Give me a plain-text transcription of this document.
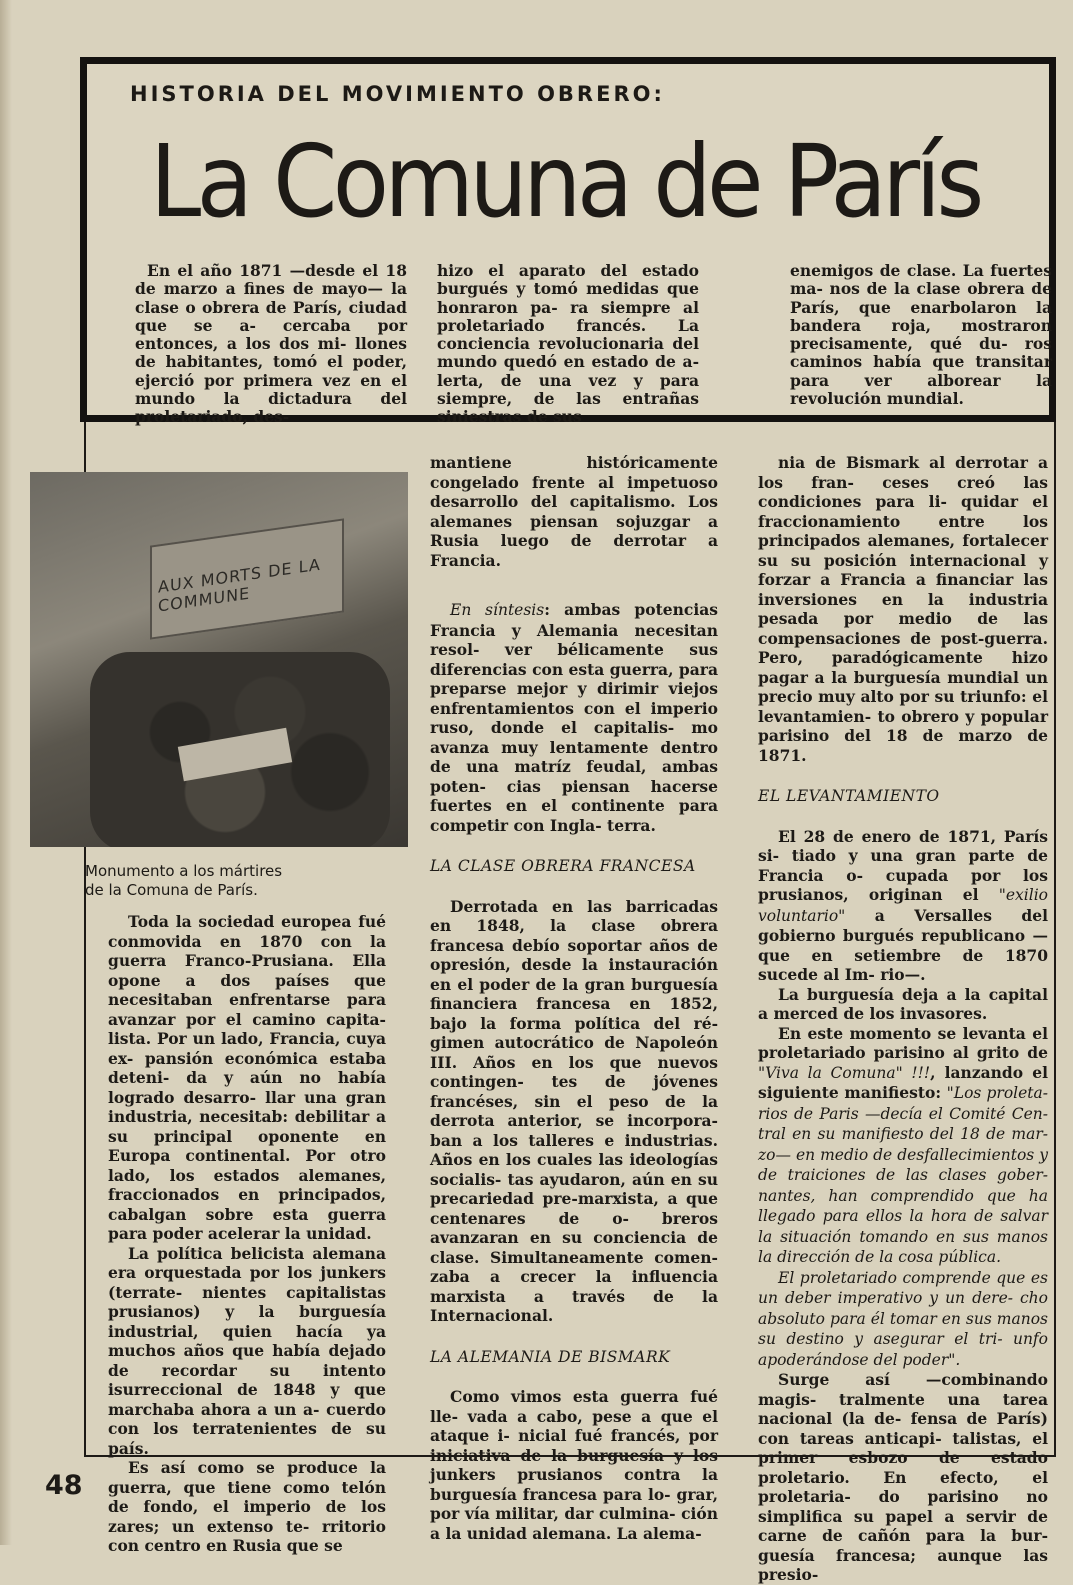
HISTORIA DEL MOVIMIENTO OBRERO:
La Comuna de París

En el año 1871 —desde el 18 de marzo a fines de mayo— la clase o obrera de París, ciudad que se a- cercaba por entonces, a los dos mi- llones de habitantes, tomó el poder, ejerció por primera vez en el mundo la dictadura del proletariado, des-

hizo el aparato del estado burgués y tomó medidas que honraron pa- ra siempre al proletariado francés. La conciencia revolucionaria del mundo quedó en estado de a- lerta, de una vez y para siempre, de las entrañas siniestras de sus

enemigos de clase. La fuertes ma- nos de la clase obrera de París, que enarbolaron la bandera roja, mostraron precisamente, qué du- ros caminos había que transitar para ver alborear la revolución mundial.

AUX MORTS DE LA COMMUNE
Monumento a los mártires
de la Comuna de París.

Toda la sociedad europea fué conmovida en 1870 con la guerra Franco-Prusiana. Ella opone a dos países que necesitaban enfrentarse para avanzar por el camino capita- lista. Por un lado, Francia, cuya ex- pansión económica estaba deteni- da y aún no había logrado desarro- llar una gran industria, necesitab: debilitar a su principal oponente en Europa continental. Por otro lado, los estados alemanes, fraccionados en principados, cabalgan sobre esta guerra para poder acelerar la unidad.

La política belicista alemana era orquestada por los junkers (terrate- nientes capitalistas prusianos) y la burguesía industrial, quien hacía ya muchos años que había dejado de recordar su intento isurreccional de 1848 y que marchaba ahora a un a- cuerdo con los terratenientes de su país.

Es así como se produce la guerra, que tiene como telón de fondo, el imperio de los zares; un extenso te- rritorio con centro en Rusia que se

mantiene históricamente congelado frente al impetuoso desarrollo del capitalismo. Los alemanes piensan sojuzgar a Rusia luego de derrotar a Francia.

En síntesis: ambas potencias Francia y Alemania necesitan resol- ver bélicamente sus diferencias con esta guerra, para preparse mejor y dirimir viejos enfrentamientos con el imperio ruso, donde el capitalis- mo avanza muy lentamente dentro de una matríz feudal, ambas poten- cias piensan hacerse fuertes en el continente para competir con Ingla- terra.

LA CLASE OBRERA FRANCESA

Derrotada en las barricadas en 1848, la clase obrera francesa debío soportar años de opresión, desde la instauración en el poder de la gran burguesía financiera francesa en 1852, bajo la forma política del ré- gimen autocrático de Napoleón III. Años en los que nuevos contingen- tes de jóvenes francéses, sin el peso de la derrota anterior, se incorpora- ban a los talleres e industrias. Años en los cuales las ideologías socialis- tas ayudaron, aún en su precariedad pre-marxista, a que centenares de o- breros avanzaran en su conciencia de clase. Simultaneamente comen- zaba a crecer la influencia marxista a través de la Internacional.

LA ALEMANIA DE BISMARK

Como vimos esta guerra fué lle- vada a cabo, pese a que el ataque i- nicial fué francés, por iniciativa de la burguesía y los junkers prusianos contra la burguesía francesa para lo- grar, por vía militar, dar culmina- ción a la unidad alemana. La alema-

nia de Bismark al derrotar a los fran- ceses creó las condiciones para li- quidar el fraccionamiento entre los principados alemanes, fortalecer su su posición internacional y forzar a Francia a financiar las inversiones en la industria pesada por medio de las compensaciones de post-guerra. Pero, paradógicamente hizo pagar a la burguesía mundial un precio muy alto por su triunfo: el levantamien- to obrero y popular parisino del 18 de marzo de 1871.

EL LEVANTAMIENTO

El 28 de enero de 1871, París si- tiado y una gran parte de Francia o- cupada por los prusianos, originan el "exilio voluntario" a Versalles del gobierno burgués republicano —que en setiembre de 1870 sucede al Im- rio—.

La burguesía deja a la capital a merced de los invasores.

En este momento se levanta el proletariado parisino al grito de "Viva la Comuna" !!!, lanzando el siguiente manifiesto: "Los proleta- rios de Paris —decía el Comité Cen- tral en su manifiesto del 18 de mar- zo— en medio de desfallecimientos y de traiciones de las clases gober- nantes, han comprendido que ha llegado para ellos la hora de salvar la situación tomando en sus manos la dirección de la cosa pública.

El proletariado comprende que es un deber imperativo y un dere- cho absoluto para él tomar en sus manos su destino y asegurar el tri- unfo apoderándose del poder".

Surge así —combinando magis- tralmente una tarea nacional (la de- fensa de París) con tareas anticapi- talistas, el primer esbozo de estado proletario. En efecto, el proletaria- do parisino no simplifica su papel a servir de carne de cañón para la bur- guesía francesa; aunque las presio-

48
